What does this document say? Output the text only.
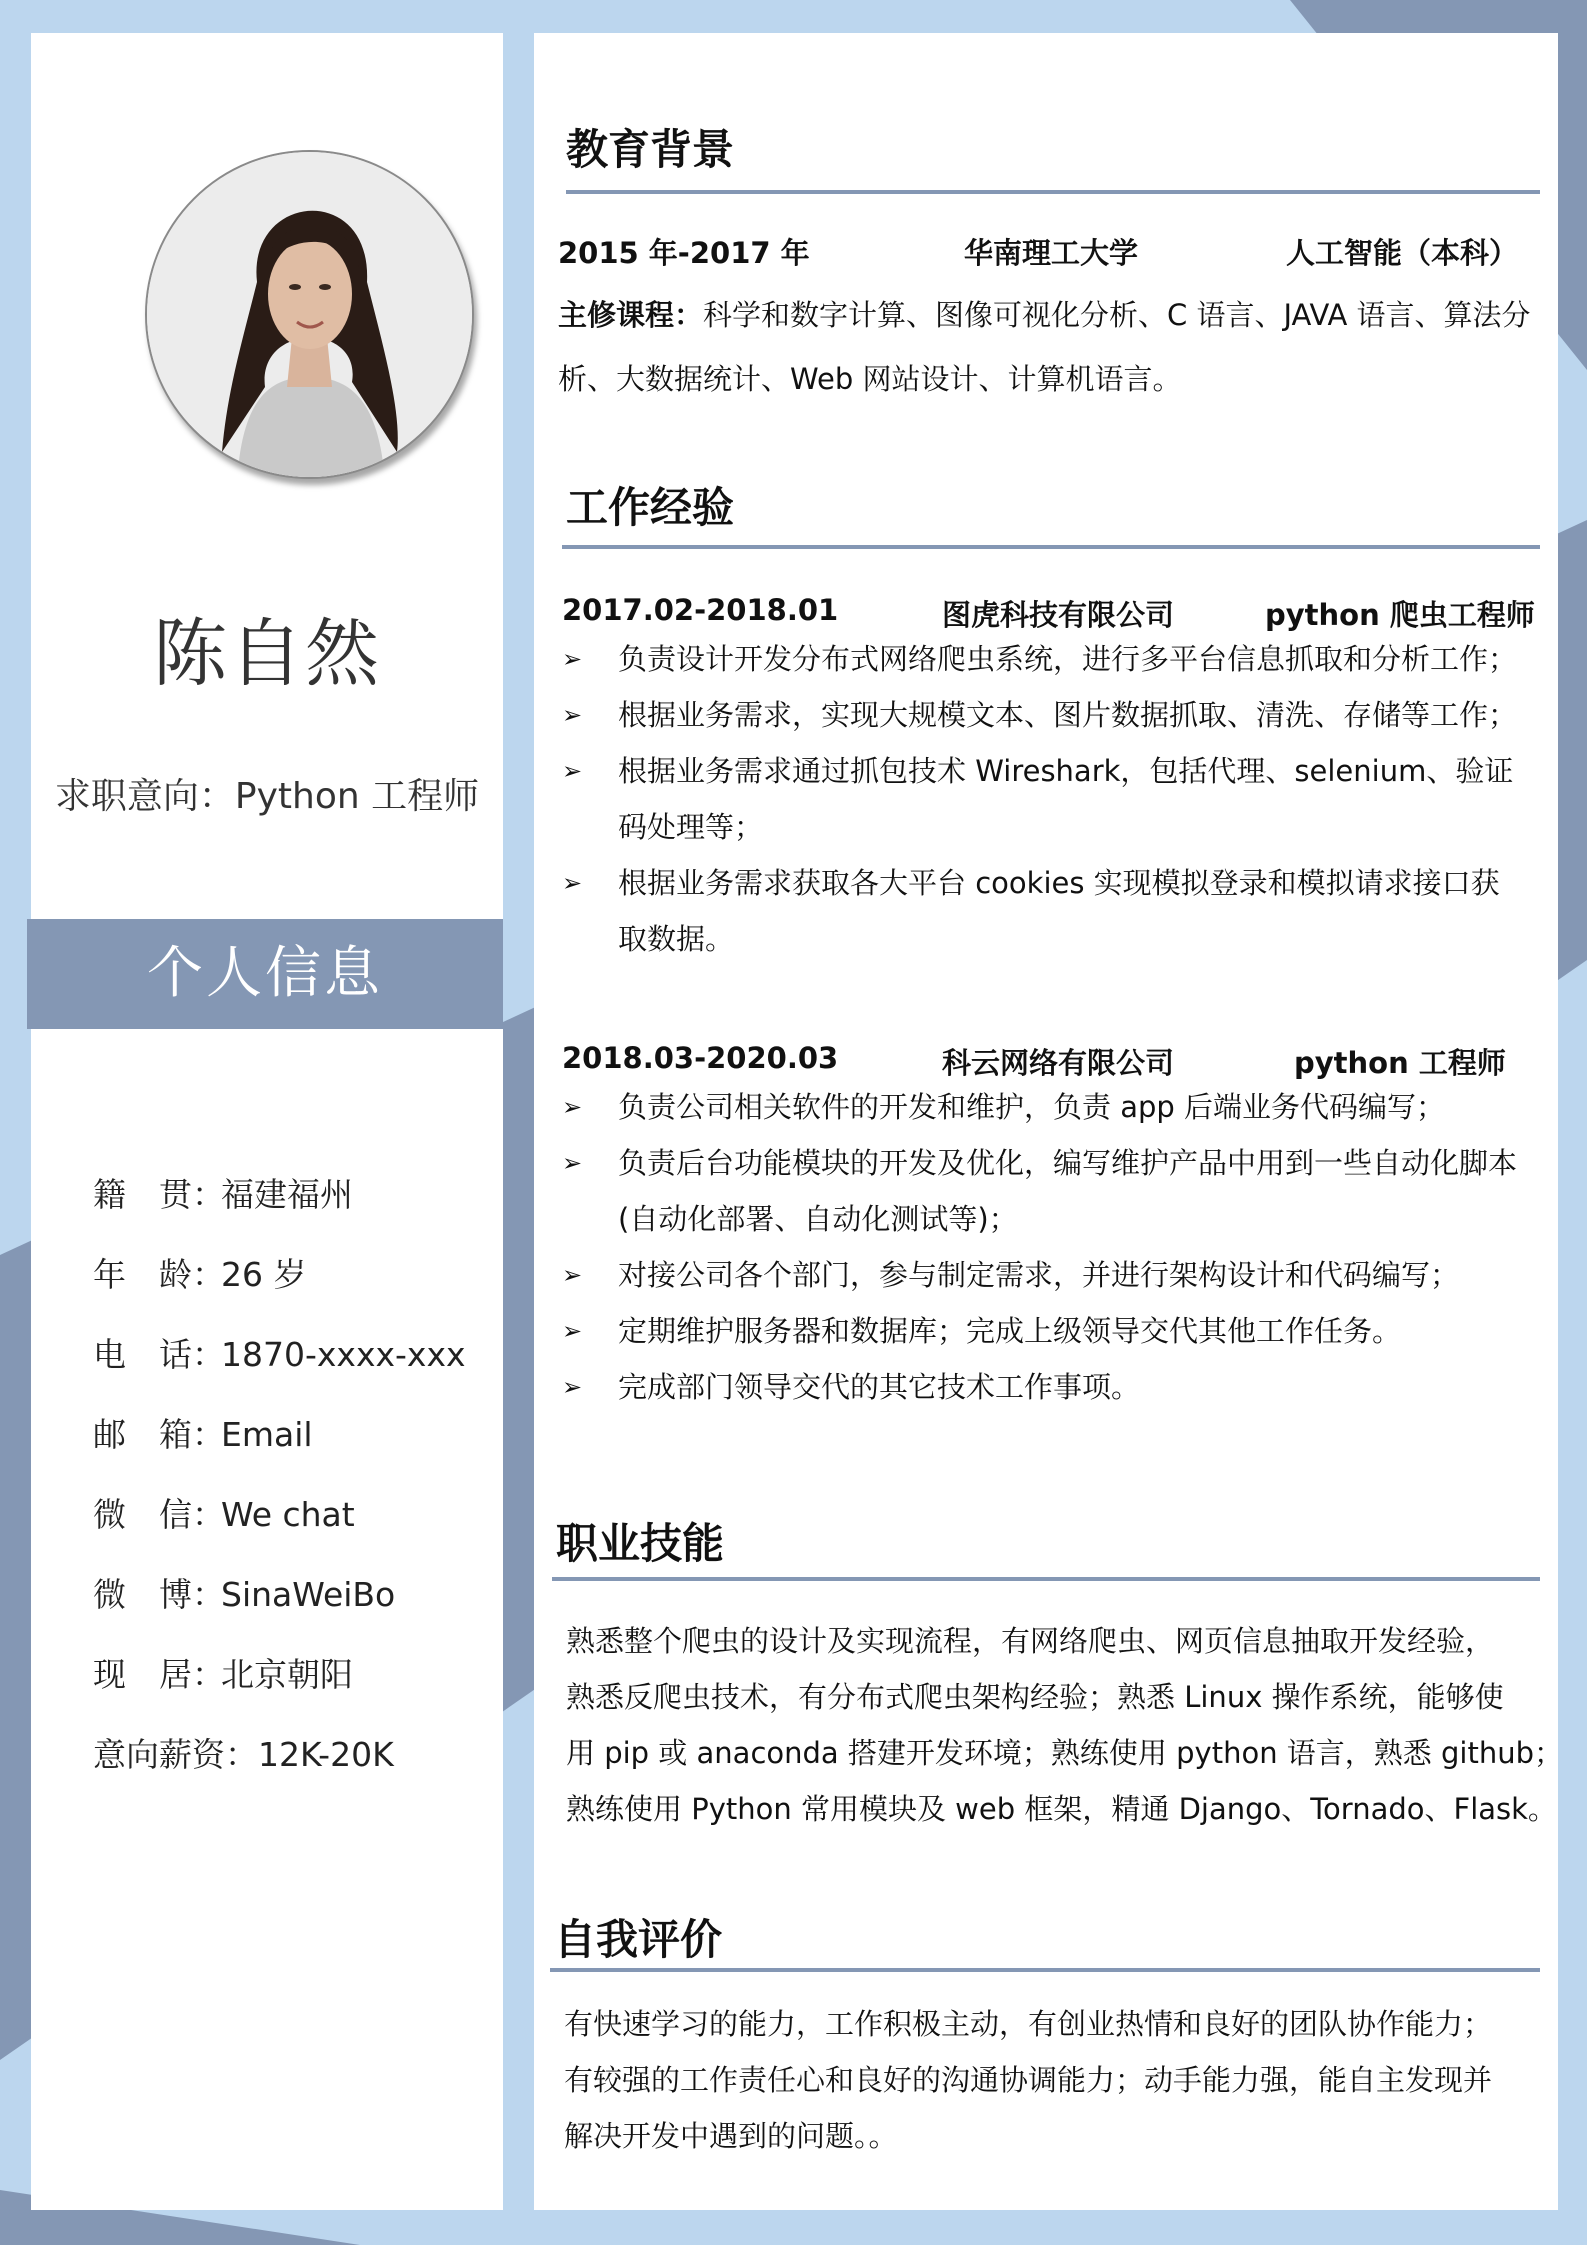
陈自然
求职意向：Python 工程师
个人信息
籍　贯：福建福州
年　龄：26 岁
电　话：1870-xxxx-xxx
邮　箱：Email
微　信：We chat
微　博：SinaWeiBo
现　居：北京朝阳
意向薪资：12K-20K
教育背景
2015 年-2017 年	华南理工大学	人工智能（本科）
主修课程：科学和数字计算、图像可视化分析、C 语言、JAVA 语言、算法分
析、大数据统计、Web 网站设计、计算机语言。
工作经验
2017.02-2018.01	图虎科技有限公司	python 爬虫工程师
➢ 负责设计开发分布式网络爬虫系统，进行多平台信息抓取和分析工作；
➢ 根据业务需求，实现大规模文本、图片数据抓取、清洗、存储等工作；
➢ 根据业务需求通过抓包技术 Wireshark，包括代理、selenium、验证
码处理等；
➢ 根据业务需求获取各大平台 cookies 实现模拟登录和模拟请求接口获
取数据。
2018.03-2020.03	科云网络有限公司	python 工程师
➢ 负责公司相关软件的开发和维护，负责 app 后端业务代码编写；
➢ 负责后台功能模块的开发及优化，编写维护产品中用到一些自动化脚本
(自动化部署、自动化测试等)；
➢ 对接公司各个部门，参与制定需求，并进行架构设计和代码编写；
➢ 定期维护服务器和数据库；完成上级领导交代其他工作任务。
➢ 完成部门领导交代的其它技术工作事项。
职业技能
熟悉整个爬虫的设计及实现流程，有网络爬虫、网页信息抽取开发经验，
熟悉反爬虫技术，有分布式爬虫架构经验；熟悉 Linux 操作系统，能够使
用 pip 或 anaconda 搭建开发环境；熟练使用 python 语言，熟悉 github；
熟练使用 Python 常用模块及 web 框架，精通 Django、Tornado、Flask。
自我评价
有快速学习的能力，工作积极主动，有创业热情和良好的团队协作能力；
有较强的工作责任心和良好的沟通协调能力；动手能力强，能自主发现并
解决开发中遇到的问题。。
